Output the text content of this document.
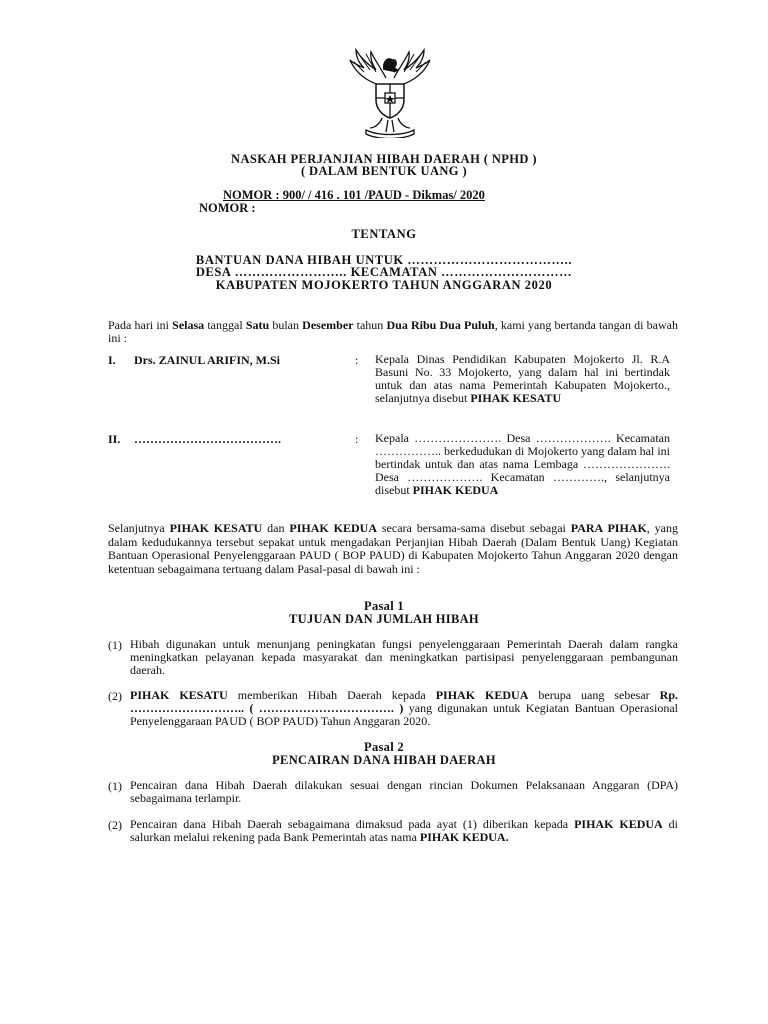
NASKAH PERJANJIAN HIBAH DAERAH ( NPHD )
( DALAM BENTUK UANG )
NOMOR : 900/ / 416 . 101 /PAUD - Dikmas/ 2020
NOMOR :
TENTANG
BANTUAN DANA HIBAH UNTUK ………………………………..
DESA …………………….. KECAMATAN …………………………
KABUPATEN MOJOKERTO TAHUN ANGGARAN 2020
Pada hari ini Selasa tanggal Satu bulan Desember tahun Dua Ribu Dua Puluh, kami yang bertanda tangan di bawah ini :
I. Drs. ZAINUL ARIFIN, M.Si	: Kepala Dinas Pendidikan Kabupaten Mojokerto Jl. R.A Basuni No. 33 Mojokerto, yang dalam hal ini bertindak untuk dan atas nama Pemerintah Kabupaten Mojokerto., selanjutnya disebut PIHAK KESATU
II. ……………………………….	: Kepala …………………. Desa ………………. Kecamatan …………….. berkedudukan di Mojokerto yang dalam hal ini bertindak untuk dan atas nama Lembaga …………………. Desa ………………. Kecamatan …………., selanjutnya disebut PIHAK KEDUA
Selanjutnya PIHAK KESATU dan PIHAK KEDUA secara bersama-sama disebut sebagai PARA PIHAK, yang dalam kedudukannya tersebut sepakat untuk mengadakan Perjanjian Hibah Daerah (Dalam Bentuk Uang) Kegiatan Bantuan Operasional Penyelenggaraan PAUD ( BOP PAUD) di Kabupaten Mojokerto Tahun Anggaran 2020 dengan ketentuan sebagaimana tertuang dalam Pasal-pasal di bawah ini :
Pasal 1
TUJUAN DAN JUMLAH HIBAH
(1) Hibah digunakan untuk menunjang peningkatan fungsi penyelenggaraan Pemerintah Daerah dalam rangka meningkatkan pelayanan kepada masyarakat dan meningkatkan partisipasi penyelenggaraan pembangunan daerah.
(2) PIHAK KESATU memberikan Hibah Daerah kepada PIHAK KEDUA berupa uang sebesar Rp. ……………………….. ( ……………………………. ) yang digunakan untuk Kegiatan Bantuan Operasional Penyelenggaraan PAUD ( BOP PAUD) Tahun Anggaran 2020.
Pasal 2
PENCAIRAN DANA HIBAH DAERAH
(1) Pencairan dana Hibah Daerah dilakukan sesuai dengan rincian Dokumen Pelaksanaan Anggaran (DPA) sebagaimana terlampir.
(2) Pencairan dana Hibah Daerah sebagaimana dimaksud pada ayat (1) diberikan kepada PIHAK KEDUA di salurkan melalui rekening pada Bank Pemerintah atas nama PIHAK KEDUA.
